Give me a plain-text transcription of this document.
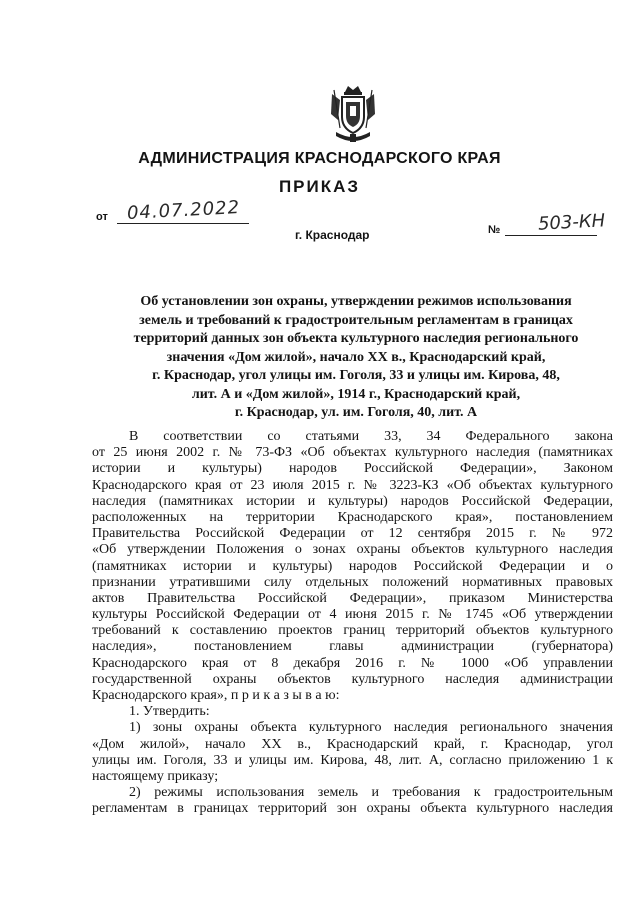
АДМИНИСТРАЦИЯ КРАСНОДАРСКОГО КРАЯ
ПРИКАЗ
от 04.07.2022
г. Краснодар	№ 503-КН
Об установлении зон охраны, утверждении режимов использования
земель и требований к градостроительным регламентам в границах
территорий данных зон объекта культурного наследия регионального
значения «Дом жилой», начало XX в., Краснодарский край,
г. Краснодар, угол улицы им. Гоголя, 33 и улицы им. Кирова, 48,
лит. А и «Дом жилой», 1914 г., Краснодарский край,
г. Краснодар, ул. им. Гоголя, 40, лит. А
В соответствии со статьями 33, 34 Федерального закона
от 25 июня 2002 г. № 73-ФЗ «Об объектах культурного наследия (памятниках
истории и культуры) народов Российской Федерации», Законом
Краснодарского края от 23 июля 2015 г. № 3223-КЗ «Об объектах культурного
наследия (памятниках истории и культуры) народов Российской Федерации,
расположенных на территории Краснодарского края», постановлением
Правительства Российской Федерации от 12 сентября 2015 г. № 972
«Об утверждении Положения о зонах охраны объектов культурного наследия
(памятниках истории и культуры) народов Российской Федерации и о
признании утратившими силу отдельных положений нормативных правовых
актов Правительства Российской Федерации», приказом Министерства
культуры Российской Федерации от 4 июня 2015 г. № 1745 «Об утверждении
требований к составлению проектов границ территорий объектов культурного
наследия», постановлением главы администрации (губернатора)
Краснодарского края от 8 декабря 2016 г. № 1000 «Об управлении
государственной охраны объектов культурного наследия администрации
Краснодарского края», п р и к а з ы в а ю:
1. Утвердить:
1) зоны охраны объекта культурного наследия регионального значения
«Дом жилой», начало XX в., Краснодарский край, г. Краснодар, угол
улицы им. Гоголя, 33 и улицы им. Кирова, 48, лит. А, согласно приложению 1 к
настоящему приказу;
2) режимы использования земель и требования к градостроительным
регламентам в границах территорий зон охраны объекта культурного наследия
